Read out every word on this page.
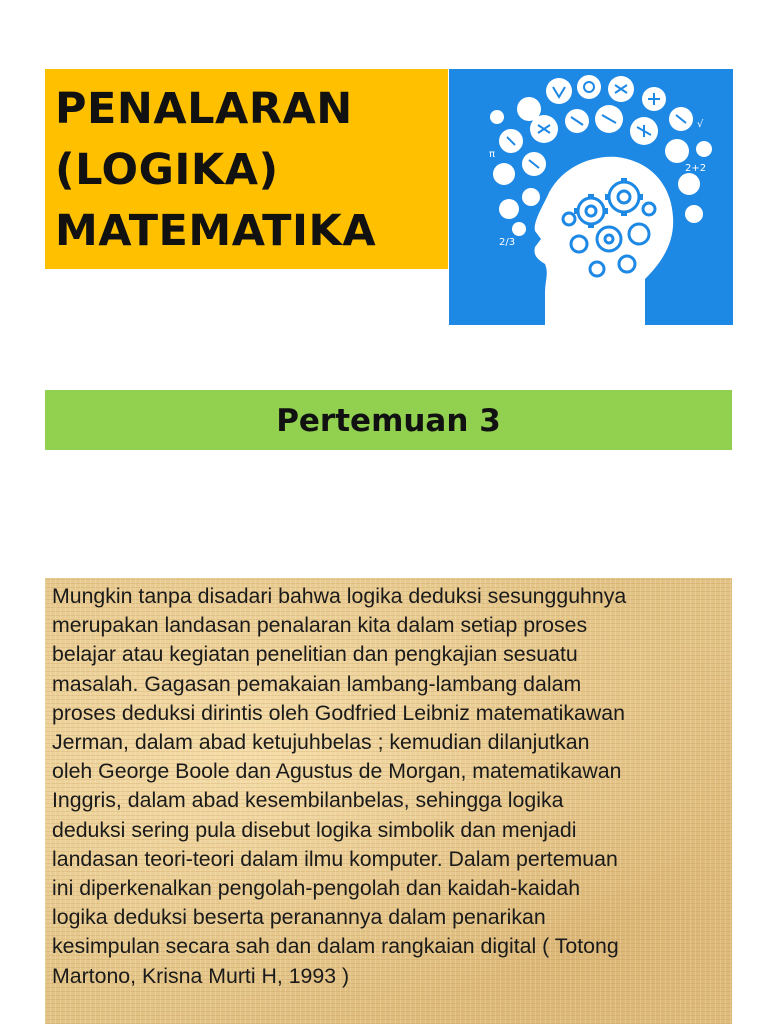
PENALARAN
(LOGIKA)
MATEMATIKA
2+2
2/3
√
π
Pertemuan 3

Mungkin tanpa disadari bahwa logika deduksi sesungguhnya
merupakan landasan penalaran kita dalam setiap proses
belajar atau kegiatan penelitian dan pengkajian sesuatu
masalah. Gagasan pemakaian lambang-lambang dalam
proses deduksi dirintis oleh Godfried Leibniz matematikawan
Jerman, dalam abad ketujuhbelas ; kemudian dilanjutkan
oleh George Boole dan Agustus de Morgan, matematikawan
Inggris, dalam abad kesembilanbelas, sehingga logika
deduksi sering pula disebut logika simbolik dan menjadi
landasan teori-teori dalam ilmu komputer. Dalam pertemuan
ini diperkenalkan pengolah-pengolah dan kaidah-kaidah
logika deduksi beserta peranannya dalam penarikan
kesimpulan secara sah dan dalam rangkaian digital ( Totong
Martono, Krisna Murti H, 1993 )
